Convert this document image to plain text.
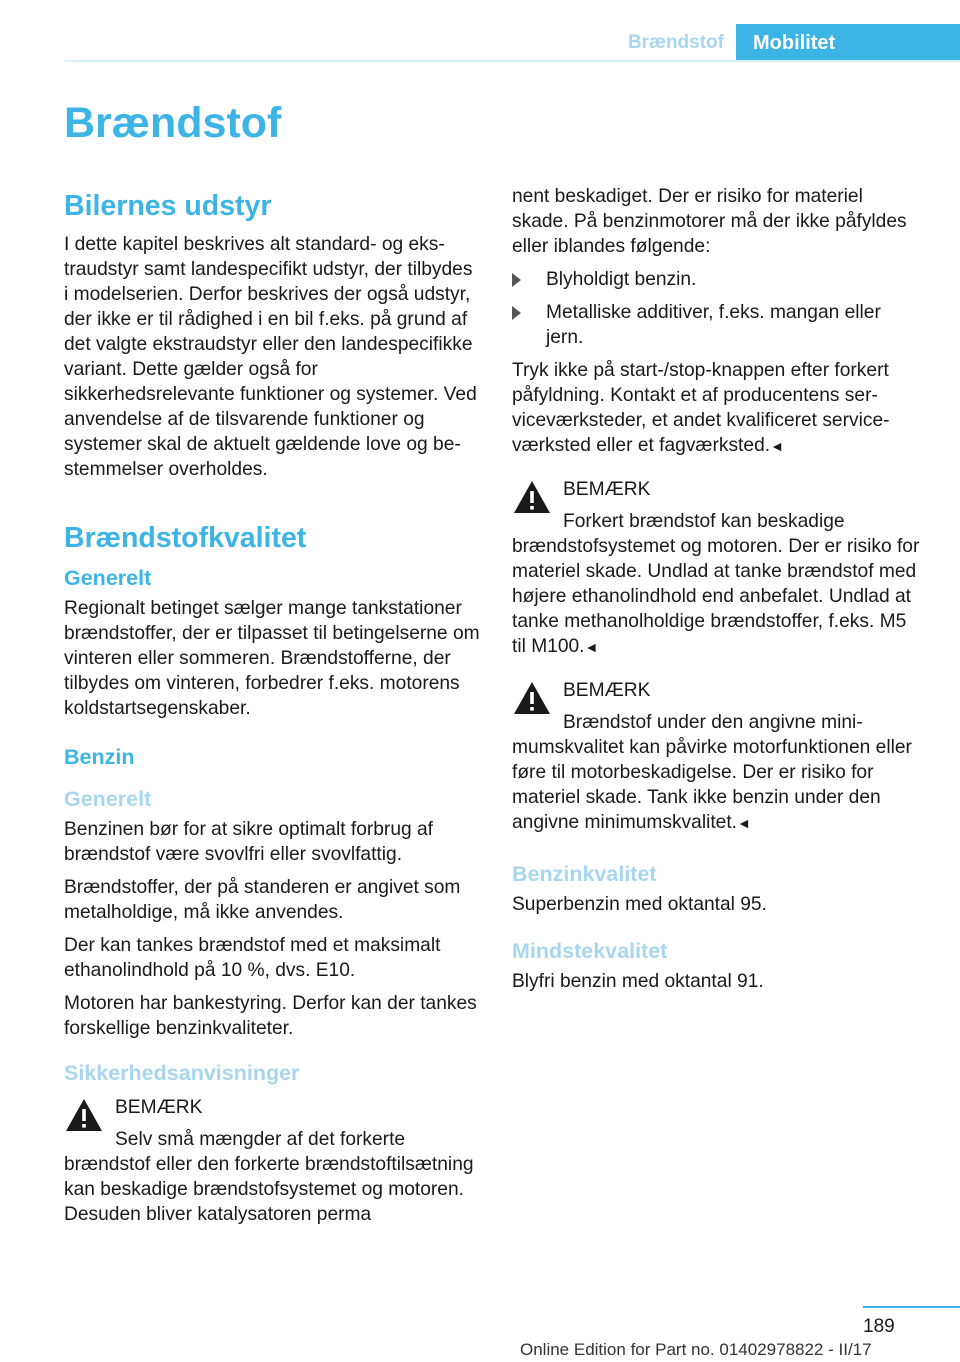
Brændstof	Mobilitet
Brændstof
Bilernes udstyr

I dette kapitel beskrives alt standard- og ekstraudstyr samt landespecifikt udstyr, der tilbydes i modelserien. Derfor beskrives der også udstyr, der ikke er til rådighed i en bil f.eks. på grund af det valgte ekstraudstyr eller den landespecifikke variant. Dette gælder også for sikkerhedsrelevante funktioner og systemer. Ved anvendelse af de tilsvarende funktioner og systemer skal de aktuelt gældende love og bestemmelser overholdes.

Brændstofkvalitet
Generelt

Regionalt betinget sælger mange tankstationer brændstoffer, der er tilpasset til betingelserne om vinteren eller sommeren. Brændstofferne, der tilbydes om vinteren, forbedrer f.eks. motorens koldstartsegenskaber.

Benzin
Generelt

Benzinen bør for at sikre optimalt forbrug af brændstof være svovlfri eller svovlfattig.

Brændstoffer, der på standeren er angivet som metalholdige, må ikke anvendes.

Der kan tankes brændstof med et maksimalt ethanolindhold på 10 %, dvs. E10.

Motoren har bankestyring. Derfor kan der tankes forskellige benzinkvaliteter.

Sikkerhedsanvisninger
BEMÆRK

Selv små mængder af det forkerte brændstof eller den forkerte brændstoftilsætning kan beskadige brændstofsystemet og motoren. Desuden bliver katalysatoren perma

nent beskadiget. Der er risiko for materiel skade. På benzinmotorer må der ikke påfyldes eller iblandes følgende:

Blyholdigt benzin.
Metalliske additiver, f.eks. mangan eller jern.

Tryk ikke på start-/stop-knappen efter forkert påfyldning. Kontakt et af producentens serviceværksteder, et andet kvalificeret serviceværksted eller et fagværksted.◄

BEMÆRK

Forkert brændstof kan beskadige brændstofsystemet og motoren. Der er risiko for materiel skade. Undlad at tanke brændstof med højere ethanolindhold end anbefalet. Undlad at tanke methanolholdige brændstoffer, f.eks. M5 til M100.◄

BEMÆRK

Brændstof under den angivne minimumskvalitet kan påvirke motorfunktionen eller føre til motorbeskadigelse. Der er risiko for materiel skade. Tank ikke benzin under den angivne minimumskvalitet.◄

Benzinkvalitet

Superbenzin med oktantal 95.

Mindstekvalitet

Blyfri benzin med oktantal 91.

189
Online Edition for Part no. 01402978822 - II/17
